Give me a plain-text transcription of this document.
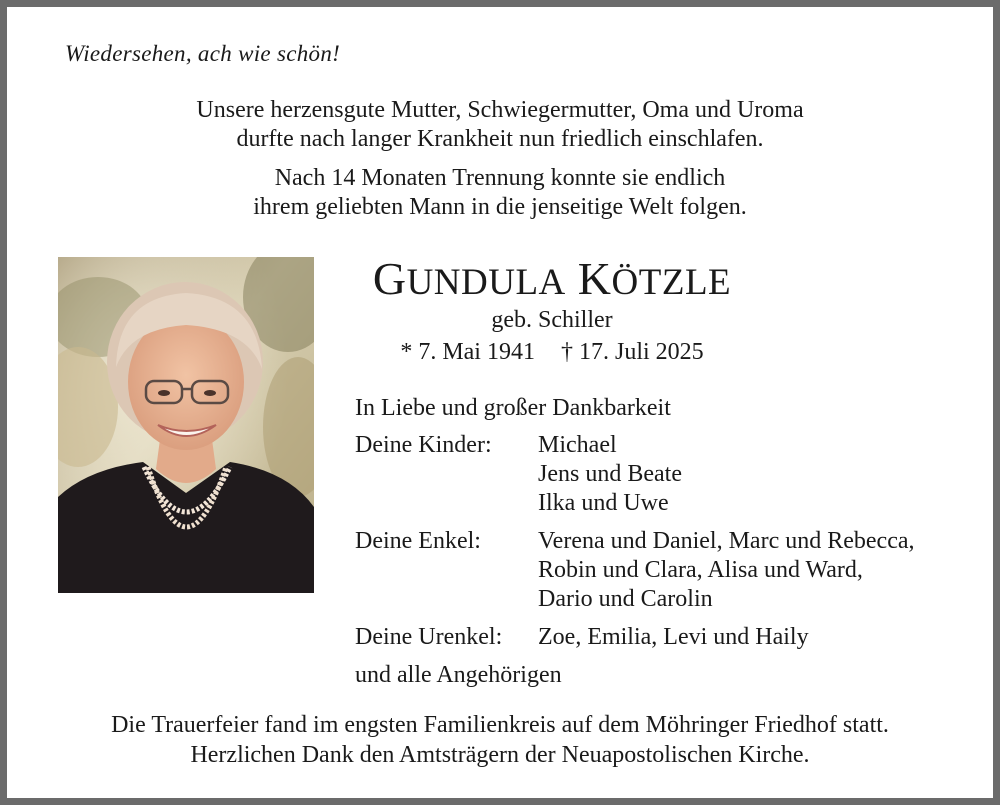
Wiedersehen, ach wie schön!
Unsere herzensgute Mutter, Schwiegermutter, Oma und Uroma
durfte nach langer Krankheit nun friedlich einschlafen.
Nach 14 Monaten Trennung konnte sie endlich
ihrem geliebten Mann in die jenseitige Welt folgen.
GUNDULA KÖTZLE
geb. Schiller
* 7. Mai 1941 † 17. Juli 2025
In Liebe und großer Dankbarkeit
Deine Kinder: Michael
Jens und Beate
Ilka und Uwe
Deine Enkel: Verena und Daniel, Marc und Rebecca,
Robin und Clara, Alisa und Ward,
Dario und Carolin
Deine Urenkel: Zoe, Emilia, Levi und Haily
und alle Angehörigen
Die Trauerfeier fand im engsten Familienkreis auf dem Möhringer Friedhof statt.
Herzlichen Dank den Amtsträgern der Neuapostolischen Kirche.
